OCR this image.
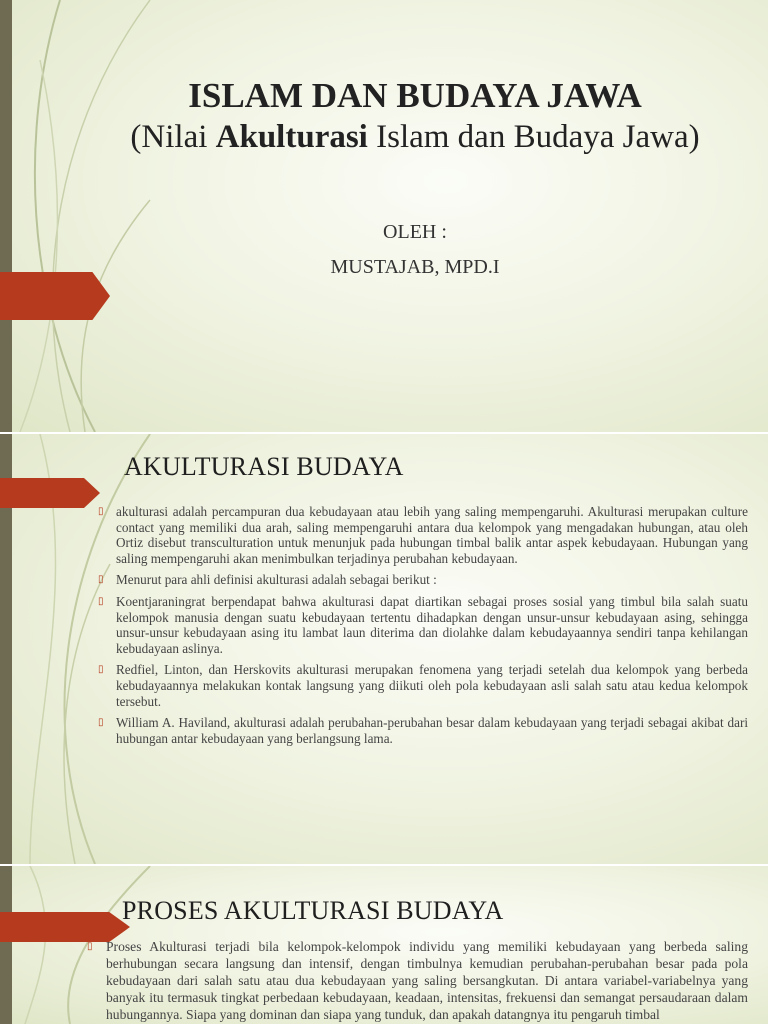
ISLAM DAN BUDAYA JAWA
(Nilai Akulturasi Islam dan Budaya Jawa)
OLEH :
MUSTAJAB, MPD.I
AKULTURASI BUDAYA
▯ akulturasi adalah percampuran dua kebudayaan atau lebih yang saling mempengaruhi. Akulturasi merupakan culture contact yang memiliki dua arah, saling mempengaruhi antara dua kelompok yang mengadakan hubungan, atau oleh Ortiz disebut transculturation untuk menunjuk pada hubungan timbal balik antar aspek kebudayaan. Hubungan yang saling mempengaruhi akan menimbulkan terjadinya perubahan kebudayaan.
▯ Menurut para ahli definisi akulturasi adalah sebagai berikut :
▯ Koentjaraningrat berpendapat bahwa akulturasi dapat diartikan sebagai proses sosial yang timbul bila salah suatu kelompok manusia dengan suatu kebudayaan tertentu dihadapkan dengan unsur-unsur kebudayaan asing, sehingga unsur-unsur kebudayaan asing itu lambat laun diterima dan diolahke dalam kebudayaannya sendiri tanpa kehilangan kebudayaan aslinya.
▯ Redfiel, Linton, dan Herskovits akulturasi merupakan fenomena yang terjadi setelah dua kelompok yang berbeda kebudayaannya melakukan kontak langsung yang diikuti oleh pola kebudayaan asli salah satu atau kedua kelompok tersebut.
▯ William A. Haviland, akulturasi adalah perubahan-perubahan besar dalam kebudayaan yang terjadi sebagai akibat dari hubungan antar kebudayaan yang berlangsung lama.
PROSES AKULTURASI BUDAYA
▯ Proses Akulturasi terjadi bila kelompok-kelompok individu yang memiliki kebudayaan yang berbeda saling berhubungan secara langsung dan intensif, dengan timbulnya kemudian perubahan-perubahan besar pada pola kebudayaan dari salah satu atau dua kebudayaan yang saling bersangkutan. Di antara variabel-variabelnya yang banyak itu termasuk tingkat perbedaan kebudayaan, keadaan, intensitas, frekuensi dan semangat persaudaraan dalam hubungannya. Siapa yang dominan dan siapa yang tunduk, dan apakah datangnya itu pengaruh timbal
